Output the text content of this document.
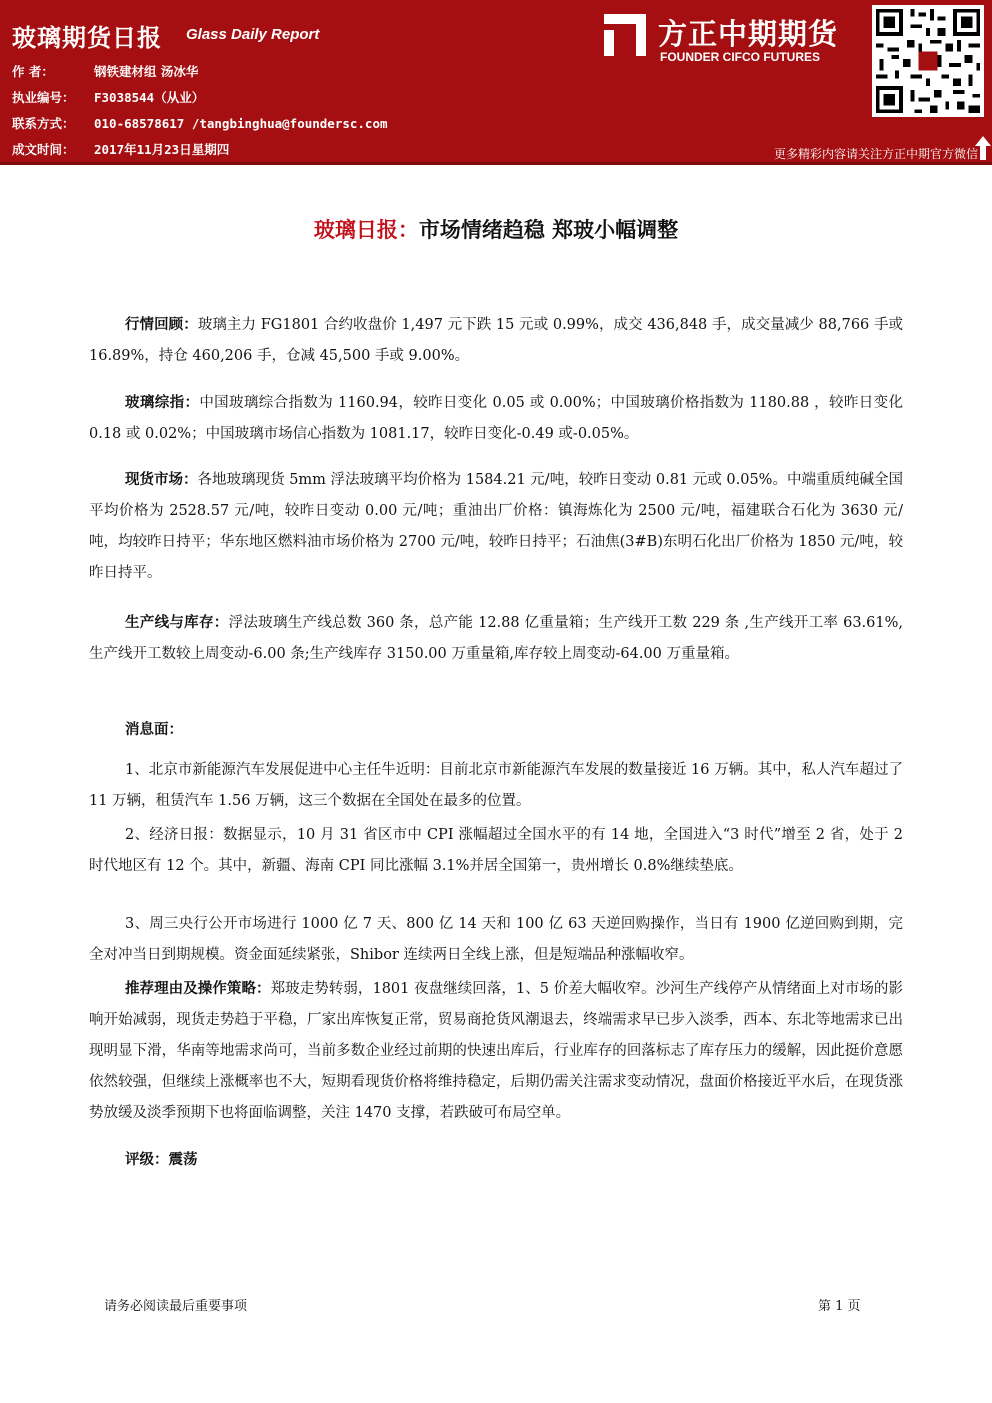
玻璃期货日报 Glass Daily Report
作 者：	钢铁建材组 汤冰华
执业编号： F3038544（从业）
联系方式： 010-68578617 /tangbinghua@foundersc.com
成文时间： 2017年11月23日星期四
方正中期期货
FOUNDER CIFCO FUTURES
更多精彩内容请关注方正中期官方微信
玻璃日报：市场情绪趋稳 郑玻小幅调整
行情回顾：玻璃主力 FG1801 合约收盘价 1,497 元下跌 15 元或 0.99%，成交 436,848 手，成交量减少 88,766 手或 16.89%，持仓 460,206 手，仓减 45,500 手或 9.00%。
玻璃综指：中国玻璃综合指数为 1160.94，较昨日变化 0.05 或 0.00%；中国玻璃价格指数为 1180.88 ，较昨日变化 0.18 或 0.02%；中国玻璃市场信心指数为 1081.17，较昨日变化-0.49 或-0.05%。
现货市场：各地玻璃现货 5mm 浮法玻璃平均价格为 1584.21 元/吨，较昨日变动 0.81 元或 0.05%。中端重质纯碱全国平均价格为 2528.57 元/吨，较昨日变动 0.00 元/吨；重油出厂价格：镇海炼化为 2500 元/吨，福建联合石化为 3630 元/吨，均较昨日持平；华东地区燃料油市场价格为 2700 元/吨，较昨日持平；石油焦(3#B)东明石化出厂价格为 1850 元/吨，较昨日持平。
生产线与库存：浮法玻璃生产线总数 360 条，总产能 12.88 亿重量箱；生产线开工数 229 条 ,生产线开工率 63.61%,生产线开工数较上周变动-6.00 条;生产线库存 3150.00 万重量箱,库存较上周变动-64.00 万重量箱。
消息面：
1、北京市新能源汽车发展促进中心主任牛近明：目前北京市新能源汽车发展的数量接近 16 万辆。其中，私人汽车超过了 11 万辆，租赁汽车 1.56 万辆，这三个数据在全国处在最多的位置。
2、经济日报：数据显示，10 月 31 省区市中 CPI 涨幅超过全国水平的有 14 地，全国进入“3 时代”增至 2 省，处于 2 时代地区有 12 个。其中，新疆、海南 CPI 同比涨幅 3.1%并居全国第一，贵州增长 0.8%继续垫底。
3、周三央行公开市场进行 1000 亿 7 天、800 亿 14 天和 100 亿 63 天逆回购操作，当日有 1900 亿逆回购到期，完全对冲当日到期规模。资金面延续紧张，Shibor 连续两日全线上涨，但是短端品种涨幅收窄。
推荐理由及操作策略：郑玻走势转弱，1801 夜盘继续回落，1、5 价差大幅收窄。沙河生产线停产从情绪面上对市场的影响开始减弱，现货走势趋于平稳，厂家出库恢复正常，贸易商抢货风潮退去，终端需求早已步入淡季，西本、东北等地需求已出现明显下滑，华南等地需求尚可，当前多数企业经过前期的快速出库后，行业库存的回落标志了库存压力的缓解，因此挺价意愿依然较强，但继续上涨概率也不大，短期看现货价格将维持稳定，后期仍需关注需求变动情况，盘面价格接近平水后，在现货涨势放缓及淡季预期下也将面临调整，关注 1470 支撑，若跌破可布局空单。
评级：震荡
请务必阅读最后重要事项	第 1 页
